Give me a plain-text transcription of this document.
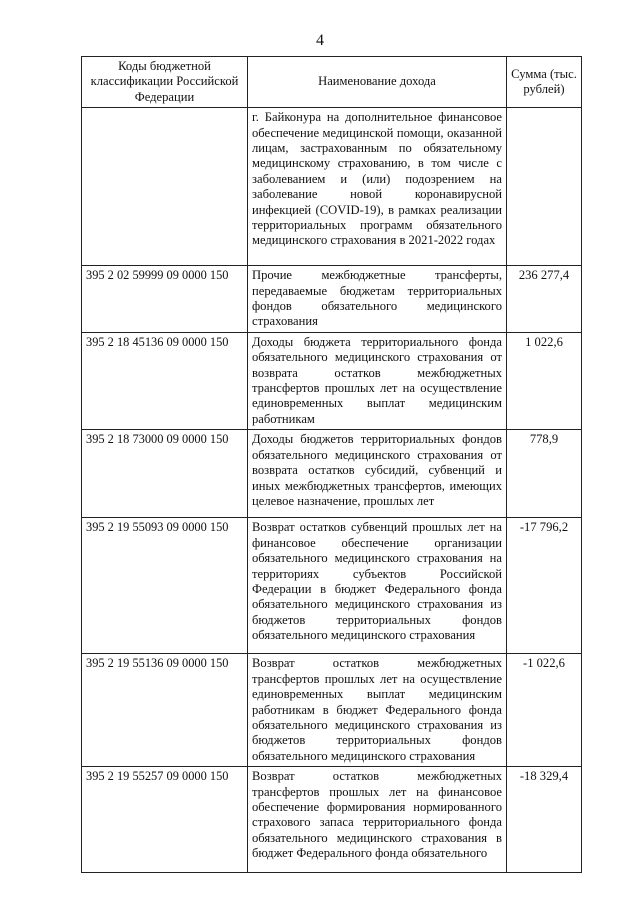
4
Коды бюджетной классификации Российской Федерации	Наименование дохода	Сумма (тыс. рублей)
	г. Байконура на дополнительное финансовое обеспечение медицинской помощи, оказанной лицам, застрахованным по обязательному медицинскому страхованию, в том числе с заболеванием и (или) подозрением на заболевание новой коронавирусной инфекцией (COVID-19), в рамках реализации территориальных программ обязательного медицинского страхования в 2021-2022 годах	
395 2 02 59999 09 0000 150	Прочие межбюджетные трансферты, передаваемые бюджетам территориальных фондов обязательного медицинского страхования	236 277,4
395 2 18 45136 09 0000 150	Доходы бюджета территориального фонда обязательного медицинского страхования от возврата остатков межбюджетных трансфертов прошлых лет на осуществление единовременных выплат медицинским работникам	1 022,6
395 2 18 73000 09 0000 150	Доходы бюджетов территориальных фондов обязательного медицинского страхования от возврата остатков субсидий, субвенций и иных межбюджетных трансфертов, имеющих целевое назначение, прошлых лет	778,9
395 2 19 55093 09 0000 150	Возврат остатков субвенций прошлых лет на финансовое обеспечение организации обязательного медицинского страхования на территориях субъектов Российской Федерации в бюджет Федерального фонда обязательного медицинского страхования из бюджетов территориальных фондов обязательного медицинского страхования	-17 796,2
395 2 19 55136 09 0000 150	Возврат остатков межбюджетных трансфертов прошлых лет на осуществление единовременных выплат медицинским работникам в бюджет Федерального фонда обязательного медицинского страхования из бюджетов территориальных фондов обязательного медицинского страхования	-1 022,6
395 2 19 55257 09 0000 150	Возврат остатков межбюджетных трансфертов прошлых лет на финансовое обеспечение формирования нормированного страхового запаса территориального фонда обязательного медицинского страхования в бюджет Федерального фонда обязательного	-18 329,4
